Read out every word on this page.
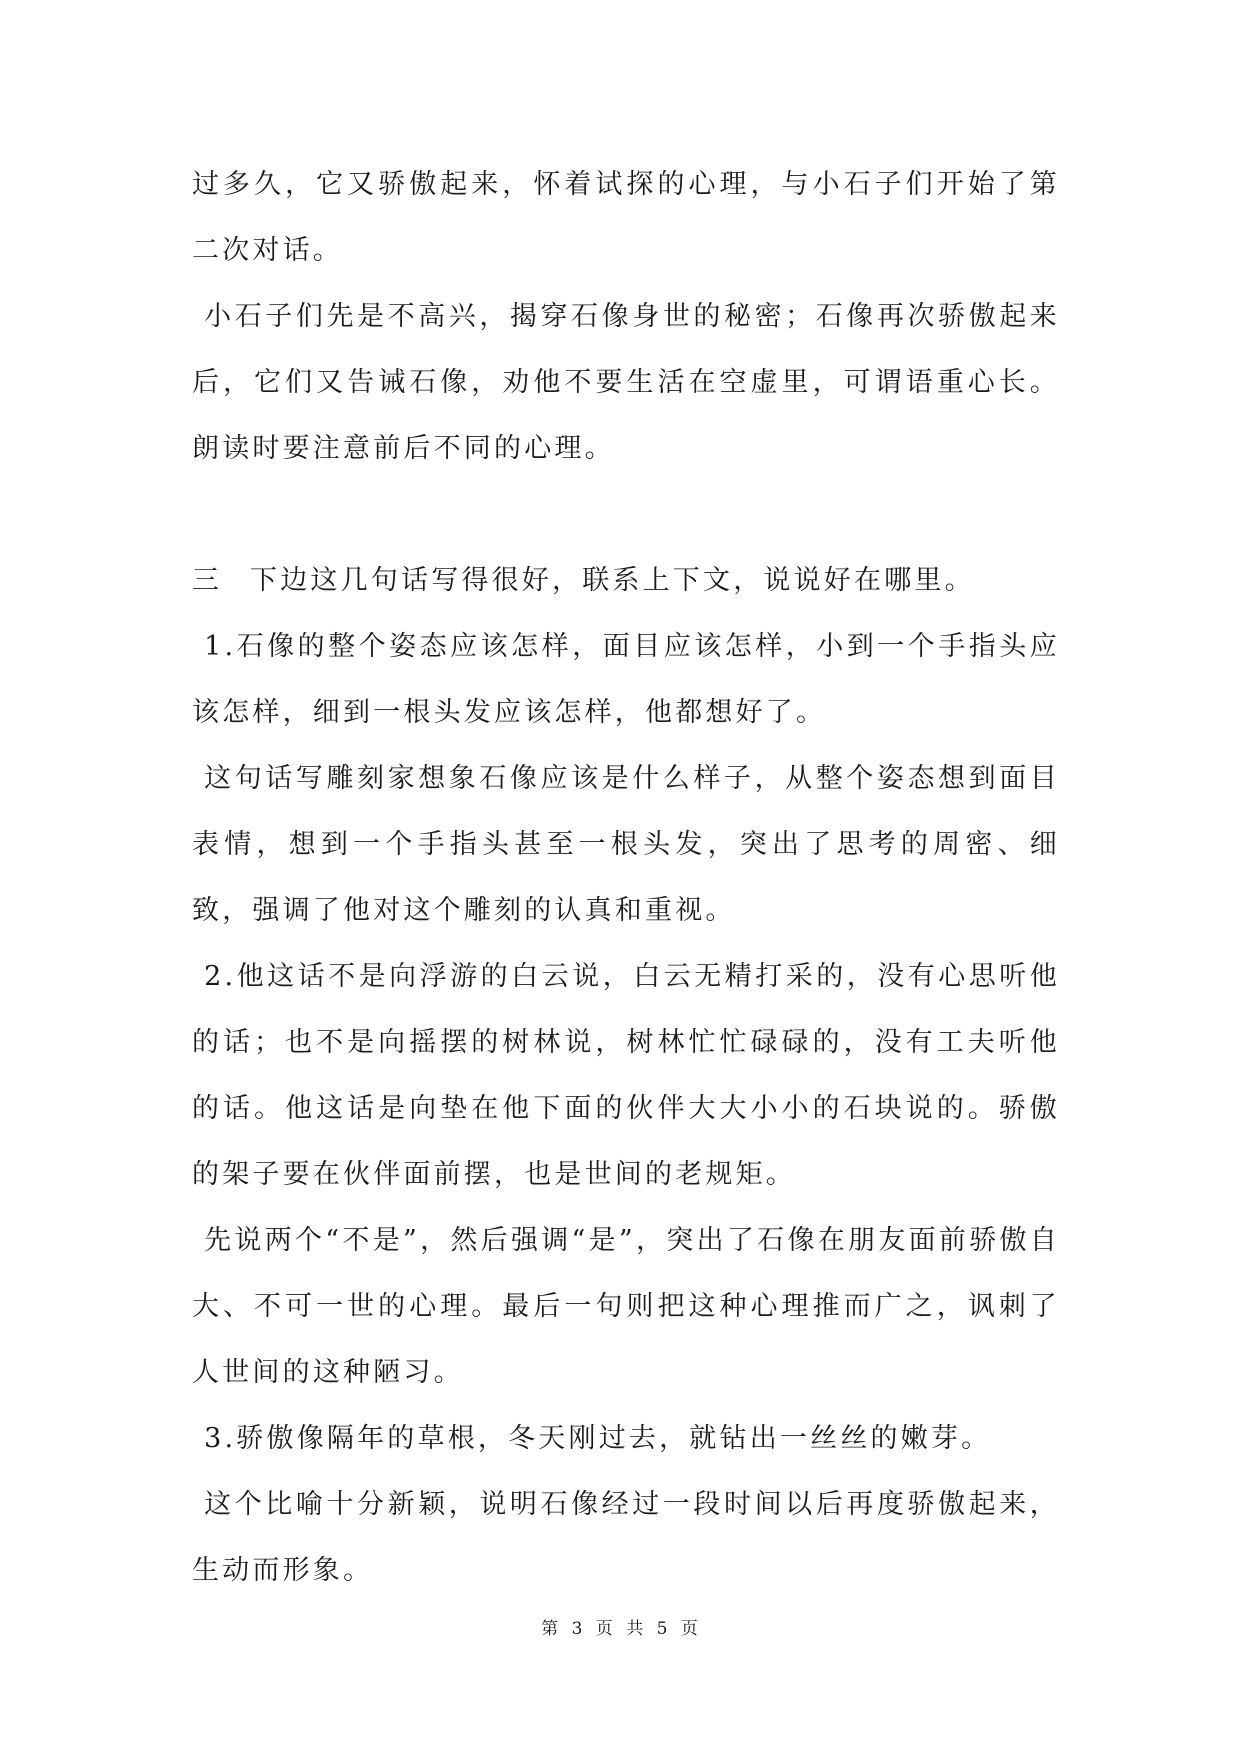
过多久，它又骄傲起来，怀着试探的心理，与小石子们开始了第二次对话。

小石子们先是不高兴，揭穿石像身世的秘密；石像再次骄傲起来后，它们又告诫石像，劝他不要生活在空虚里，可谓语重心长。朗读时要注意前后不同的心理。

三 下边这几句话写得很好，联系上下文，说说好在哪里。

1.石像的整个姿态应该怎样，面目应该怎样，小到一个手指头应该怎样，细到一根头发应该怎样，他都想好了。

这句话写雕刻家想象石像应该是什么样子，从整个姿态想到面目表情，想到一个手指头甚至一根头发，突出了思考的周密、细致，强调了他对这个雕刻的认真和重视。

2.他这话不是向浮游的白云说，白云无精打采的，没有心思听他的话；也不是向摇摆的树林说，树林忙忙碌碌的，没有工夫听他的话。他这话是向垫在他下面的伙伴大大小小的石块说的。骄傲的架子要在伙伴面前摆，也是世间的老规矩。

先说两个“不是”，然后强调“是”，突出了石像在朋友面前骄傲自大、不可一世的心理。最后一句则把这种心理推而广之，讽刺了人世间的这种陋习。

3.骄傲像隔年的草根，冬天刚过去，就钻出一丝丝的嫩芽。

这个比喻十分新颖，说明石像经过一段时间以后再度骄傲起来，生动而形象。

第 3 页 共 5 页
